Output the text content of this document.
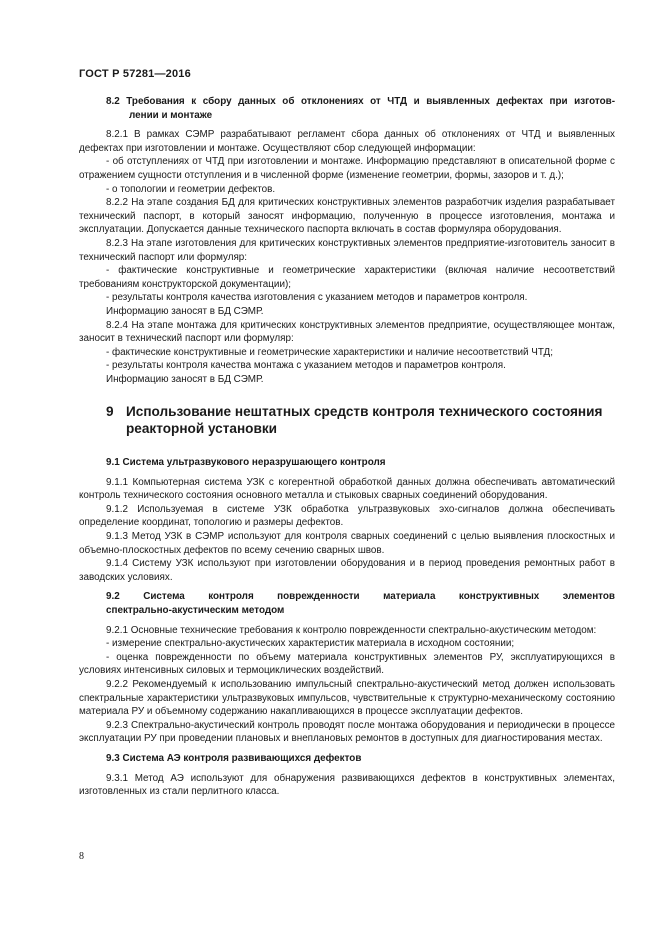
ГОСТ Р 57281—2016

8.2 Требования к сбору данных об отклонениях от ЧТД и выявленных дефектах при изготов-

лении и монтаже

8.2.1 В рамках СЭМР разрабатывают регламент сбора данных об отклонениях от ЧТД и выявленных дефектах при изготовлении и монтаже. Осуществляют сбор следующей информации:

- об отступлениях от ЧТД при изготовлении и монтаже. Информацию представляют в описательной форме с отражением сущности отступления и в численной форме (изменение геометрии, формы, зазоров и т. д.);

- о топологии и геометрии дефектов.

8.2.2 На этапе создания БД для критических конструктивных элементов разработчик изделия разрабатывает технический паспорт, в который заносят информацию, полученную в процессе изготовления, монтажа и эксплуатации. Допускается данные технического паспорта включать в состав формуляра оборудования.

8.2.3 На этапе изготовления для критических конструктивных элементов предприятие-изготовитель заносит в технический паспорт или формуляр:

- фактические конструктивные и геометрические характеристики (включая наличие несоответствий требованиям конструкторской документации);

- результаты контроля качества изготовления с указанием методов и параметров контроля.

Информацию заносят в БД СЭМР.

8.2.4 На этапе монтажа для критических конструктивных элементов предприятие, осуществляющее монтаж, заносит в технический паспорт или формуляр:

- фактические конструктивные и геометрические характеристики и наличие несоответствий ЧТД;

- результаты контроля качества монтажа с указанием методов и параметров контроля.

Информацию заносят в БД СЭМР.

9 Использование нештатных средств контроля технического состояния реакторной установки

9.1 Система ультразвукового неразрушающего контроля

9.1.1 Компьютерная система УЗК с когерентной обработкой данных должна обеспечивать автоматический контроль технического состояния основного металла и стыковых сварных соединений оборудования.

9.1.2 Используемая в системе УЗК обработка ультразвуковых эхо-сигналов должна обеспечивать определение координат, топологию и размеры дефектов.

9.1.3 Метод УЗК в СЭМР используют для контроля сварных соединений с целью выявления плоскостных и объемно-плоскостных дефектов по всему сечению сварных швов.

9.1.4 Систему УЗК используют при изготовлении оборудования и в период проведения ремонтных работ в заводских условиях.

9.2 Система контроля поврежденности материала конструктивных элементов

спектрально-акустическим методом

9.2.1 Основные технические требования к контролю поврежденности спектрально-акустическим методом:

- измерение спектрально-акустических характеристик материала в исходном состоянии;

- оценка поврежденности по объему материала конструктивных элементов РУ, эксплуатирующихся в условиях интенсивных силовых и термоциклических воздействий.

9.2.2 Рекомендуемый к использованию импульсный спектрально-акустический метод должен использовать спектральные характеристики ультразвуковых импульсов, чувствительные к структурно-механическому состоянию материала РУ и объемному содержанию накапливающихся в процессе эксплуатации дефектов.

9.2.3 Спектрально-акустический контроль проводят после монтажа оборудования и периодически в процессе эксплуатации РУ при проведении плановых и внеплановых ремонтов в доступных для диагностирования местах.

9.3 Система АЭ контроля развивающихся дефектов

9.3.1 Метод АЭ используют для обнаружения развивающихся дефектов в конструктивных элементах, изготовленных из стали перлитного класса.

8
